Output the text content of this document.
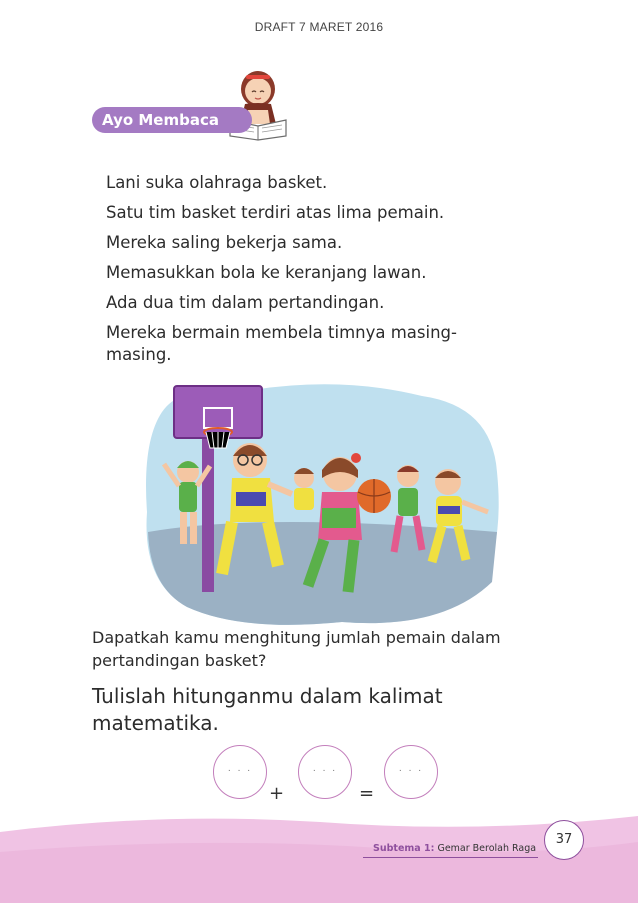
DRAFT 7 MARET 2016
Ayo Membaca
Lani suka olahraga basket.
Satu tim basket terdiri atas lima pemain.
Mereka saling bekerja sama.
Memasukkan bola ke keranjang lawan.
Ada dua tim dalam pertandingan.
Mereka bermain membela timnya masing-masing.
Dapatkah kamu menghitung jumlah pemain dalam pertandingan basket?
Tulislah hitunganmu dalam kalimat matematika.
. . .
+
. . .
=
. . .
Subtema 1: Gemar Berolah Raga
37
